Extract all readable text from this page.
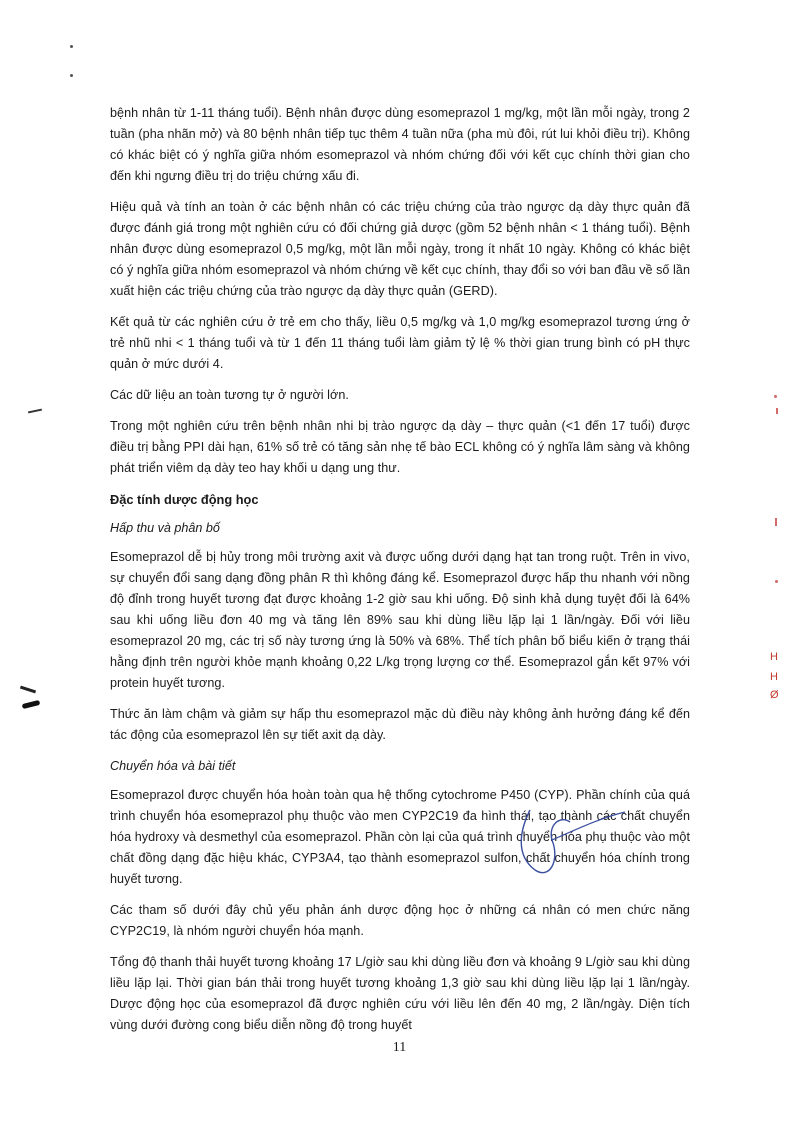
H
H
Ø

bệnh nhân từ 1-11 tháng tuổi). Bệnh nhân được dùng esomeprazol 1 mg/kg, một lần mỗi ngày, trong 2 tuần (pha nhãn mở) và 80 bệnh nhân tiếp tục thêm 4 tuần nữa (pha mù đôi, rút lui khỏi điều trị). Không có khác biệt có ý nghĩa giữa nhóm esomeprazol và nhóm chứng đối với kết cục chính thời gian cho đến khi ngưng điều trị do triệu chứng xấu đi.

Hiệu quả và tính an toàn ở các bệnh nhân có các triệu chứng của trào ngược dạ dày thực quản đã được đánh giá trong một nghiên cứu có đối chứng giả dược (gồm 52 bệnh nhân < 1 tháng tuổi). Bệnh nhân được dùng esomeprazol 0,5 mg/kg, một lần mỗi ngày, trong ít nhất 10 ngày. Không có khác biệt có ý nghĩa giữa nhóm esomeprazol và nhóm chứng về kết cục chính, thay đổi so với ban đầu về số lần xuất hiện các triệu chứng của trào ngược dạ dày thực quản (GERD).

Kết quả từ các nghiên cứu ở trẻ em cho thấy, liều 0,5 mg/kg và 1,0 mg/kg esomeprazol tương ứng ở trẻ nhũ nhi < 1 tháng tuổi và từ 1 đến 11 tháng tuổi làm giảm tỷ lệ % thời gian trung bình có pH thực quản ở mức dưới 4.

Các dữ liệu an toàn tương tự ở người lớn.

Trong một nghiên cứu trên bệnh nhân nhi bị trào ngược dạ dày – thực quản (<1 đến 17 tuổi) được điều trị bằng PPI dài hạn, 61% số trẻ có tăng sản nhẹ tế bào ECL không có ý nghĩa lâm sàng và không phát triển viêm dạ dày teo hay khối u dạng ung thư.

Đặc tính dược động học

Hấp thu và phân bố

Esomeprazol dễ bị hủy trong môi trường axit và được uống dưới dạng hạt tan trong ruột. Trên in vivo, sự chuyển đổi sang dạng đồng phân R thì không đáng kể. Esomeprazol được hấp thu nhanh với nồng độ đỉnh trong huyết tương đạt được khoảng 1-2 giờ sau khi uống. Độ sinh khả dụng tuyệt đối là 64% sau khi uống liều đơn 40 mg và tăng lên 89% sau khi dùng liều lặp lại 1 lần/ngày. Đối với liều esomeprazol 20 mg, các trị số này tương ứng là 50% và 68%. Thể tích phân bố biểu kiến ở trạng thái hằng định trên người khỏe mạnh khoảng 0,22 L/kg trọng lượng cơ thể. Esomeprazol gắn kết 97% với protein huyết tương.

Thức ăn làm chậm và giảm sự hấp thu esomeprazol mặc dù điều này không ảnh hưởng đáng kể đến tác động của esomeprazol lên sự tiết axit dạ dày.

Chuyển hóa và bài tiết

Esomeprazol được chuyển hóa hoàn toàn qua hệ thống cytochrome P450 (CYP). Phần chính của quá trình chuyển hóa esomeprazol phụ thuộc vào men CYP2C19 đa hình thái, tạo thành các chất chuyển hóa hydroxy và desmethyl của esomeprazol. Phần còn lại của quá trình chuyển hóa phụ thuộc vào một chất đồng dạng đặc hiệu khác, CYP3A4, tạo thành esomeprazol sulfon, chất chuyển hóa chính trong huyết tương.

Các tham số dưới đây chủ yếu phản ánh dược động học ở những cá nhân có men chức năng CYP2C19, là nhóm người chuyển hóa mạnh.

Tổng độ thanh thải huyết tương khoảng 17 L/giờ sau khi dùng liều đơn và khoảng 9 L/giờ sau khi dùng liều lặp lại. Thời gian bán thải trong huyết tương khoảng 1,3 giờ sau khi dùng liều lặp lại 1 lần/ngày. Dược động học của esomeprazol đã được nghiên cứu với liều lên đến 40 mg, 2 lần/ngày. Diện tích vùng dưới đường cong biểu diễn nồng độ trong huyết

11
